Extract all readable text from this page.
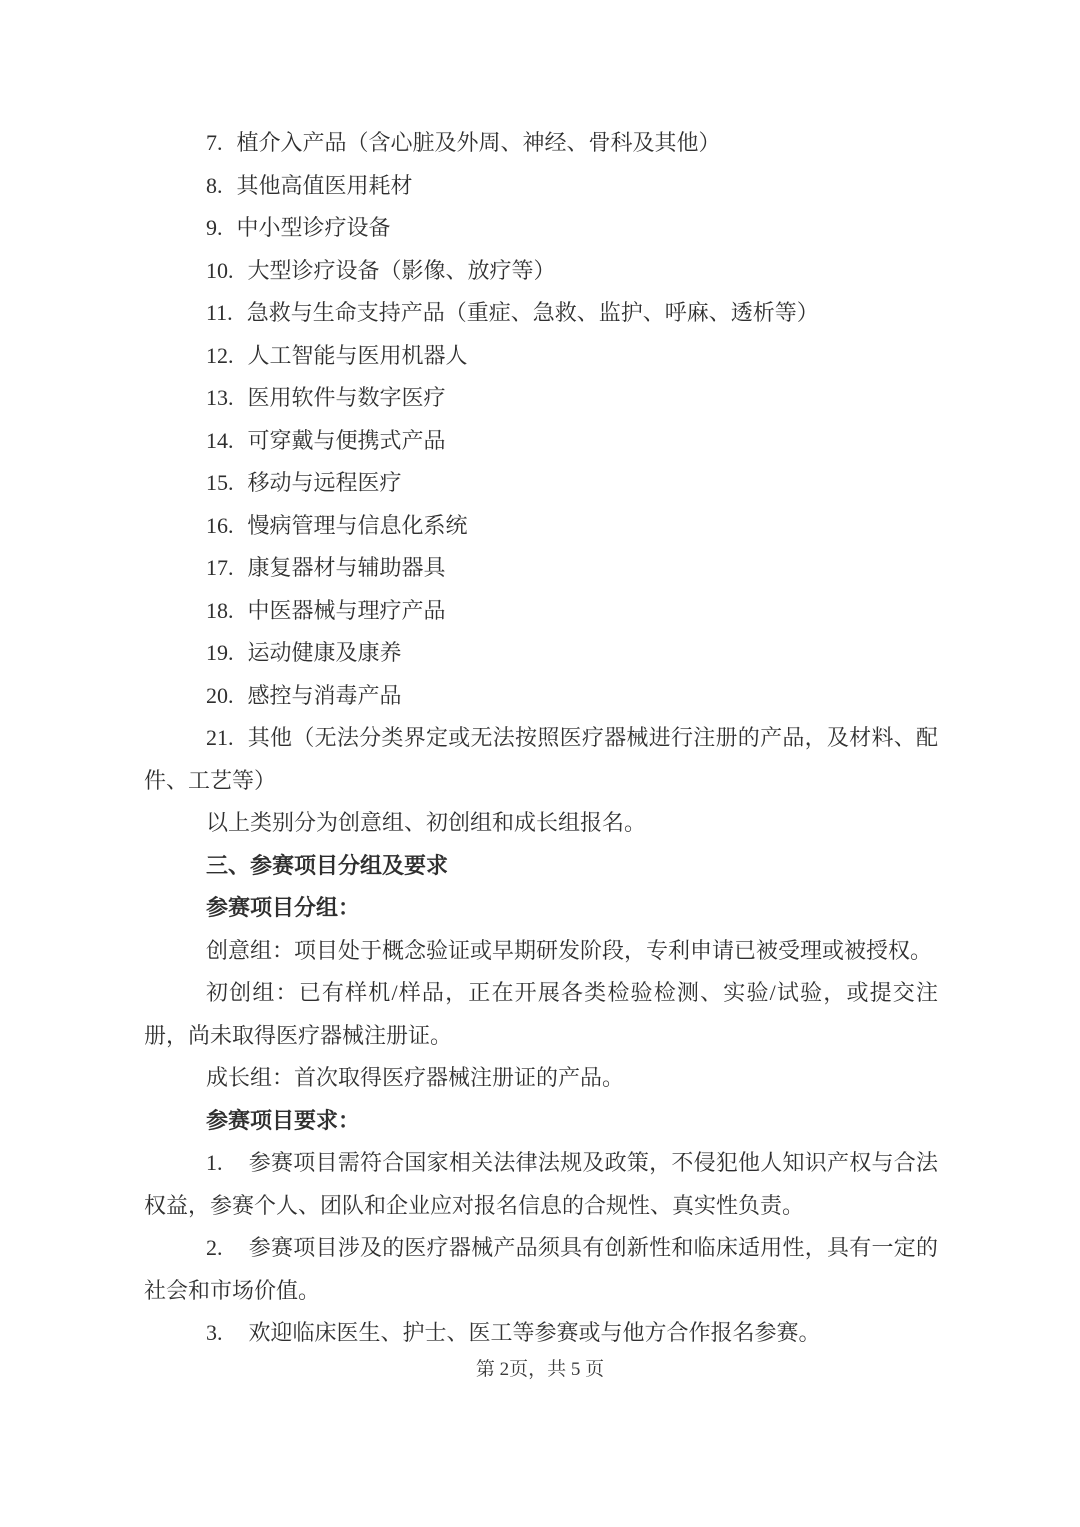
7. 植介入产品（含心脏及外周、神经、骨科及其他）

8. 其他高值医用耗材

9. 中小型诊疗设备

10. 大型诊疗设备（影像、放疗等）

11. 急救与生命支持产品（重症、急救、监护、呼麻、透析等）

12. 人工智能与医用机器人

13. 医用软件与数字医疗

14. 可穿戴与便携式产品

15. 移动与远程医疗

16. 慢病管理与信息化系统

17. 康复器材与辅助器具

18. 中医器械与理疗产品

19. 运动健康及康养

20. 感控与消毒产品

21. 其他（无法分类界定或无法按照医疗器械进行注册的产品，及材料、配件、工艺等）

以上类别分为创意组、初创组和成长组报名。

三、参赛项目分组及要求

参赛项目分组：

创意组：项目处于概念验证或早期研发阶段，专利申请已被受理或被授权。

初创组：已有样机/样品，正在开展各类检验检测、实验/试验，或提交注册，尚未取得医疗器械注册证。

成长组：首次取得医疗器械注册证的产品。

参赛项目要求：

1. 参赛项目需符合国家相关法律法规及政策，不侵犯他人知识产权与合法权益，参赛个人、团队和企业应对报名信息的合规性、真实性负责。

2. 参赛项目涉及的医疗器械产品须具有创新性和临床适用性，具有一定的社会和市场价值。

3. 欢迎临床医生、护士、医工等参赛或与他方合作报名参赛。

第 2页，共 5 页
